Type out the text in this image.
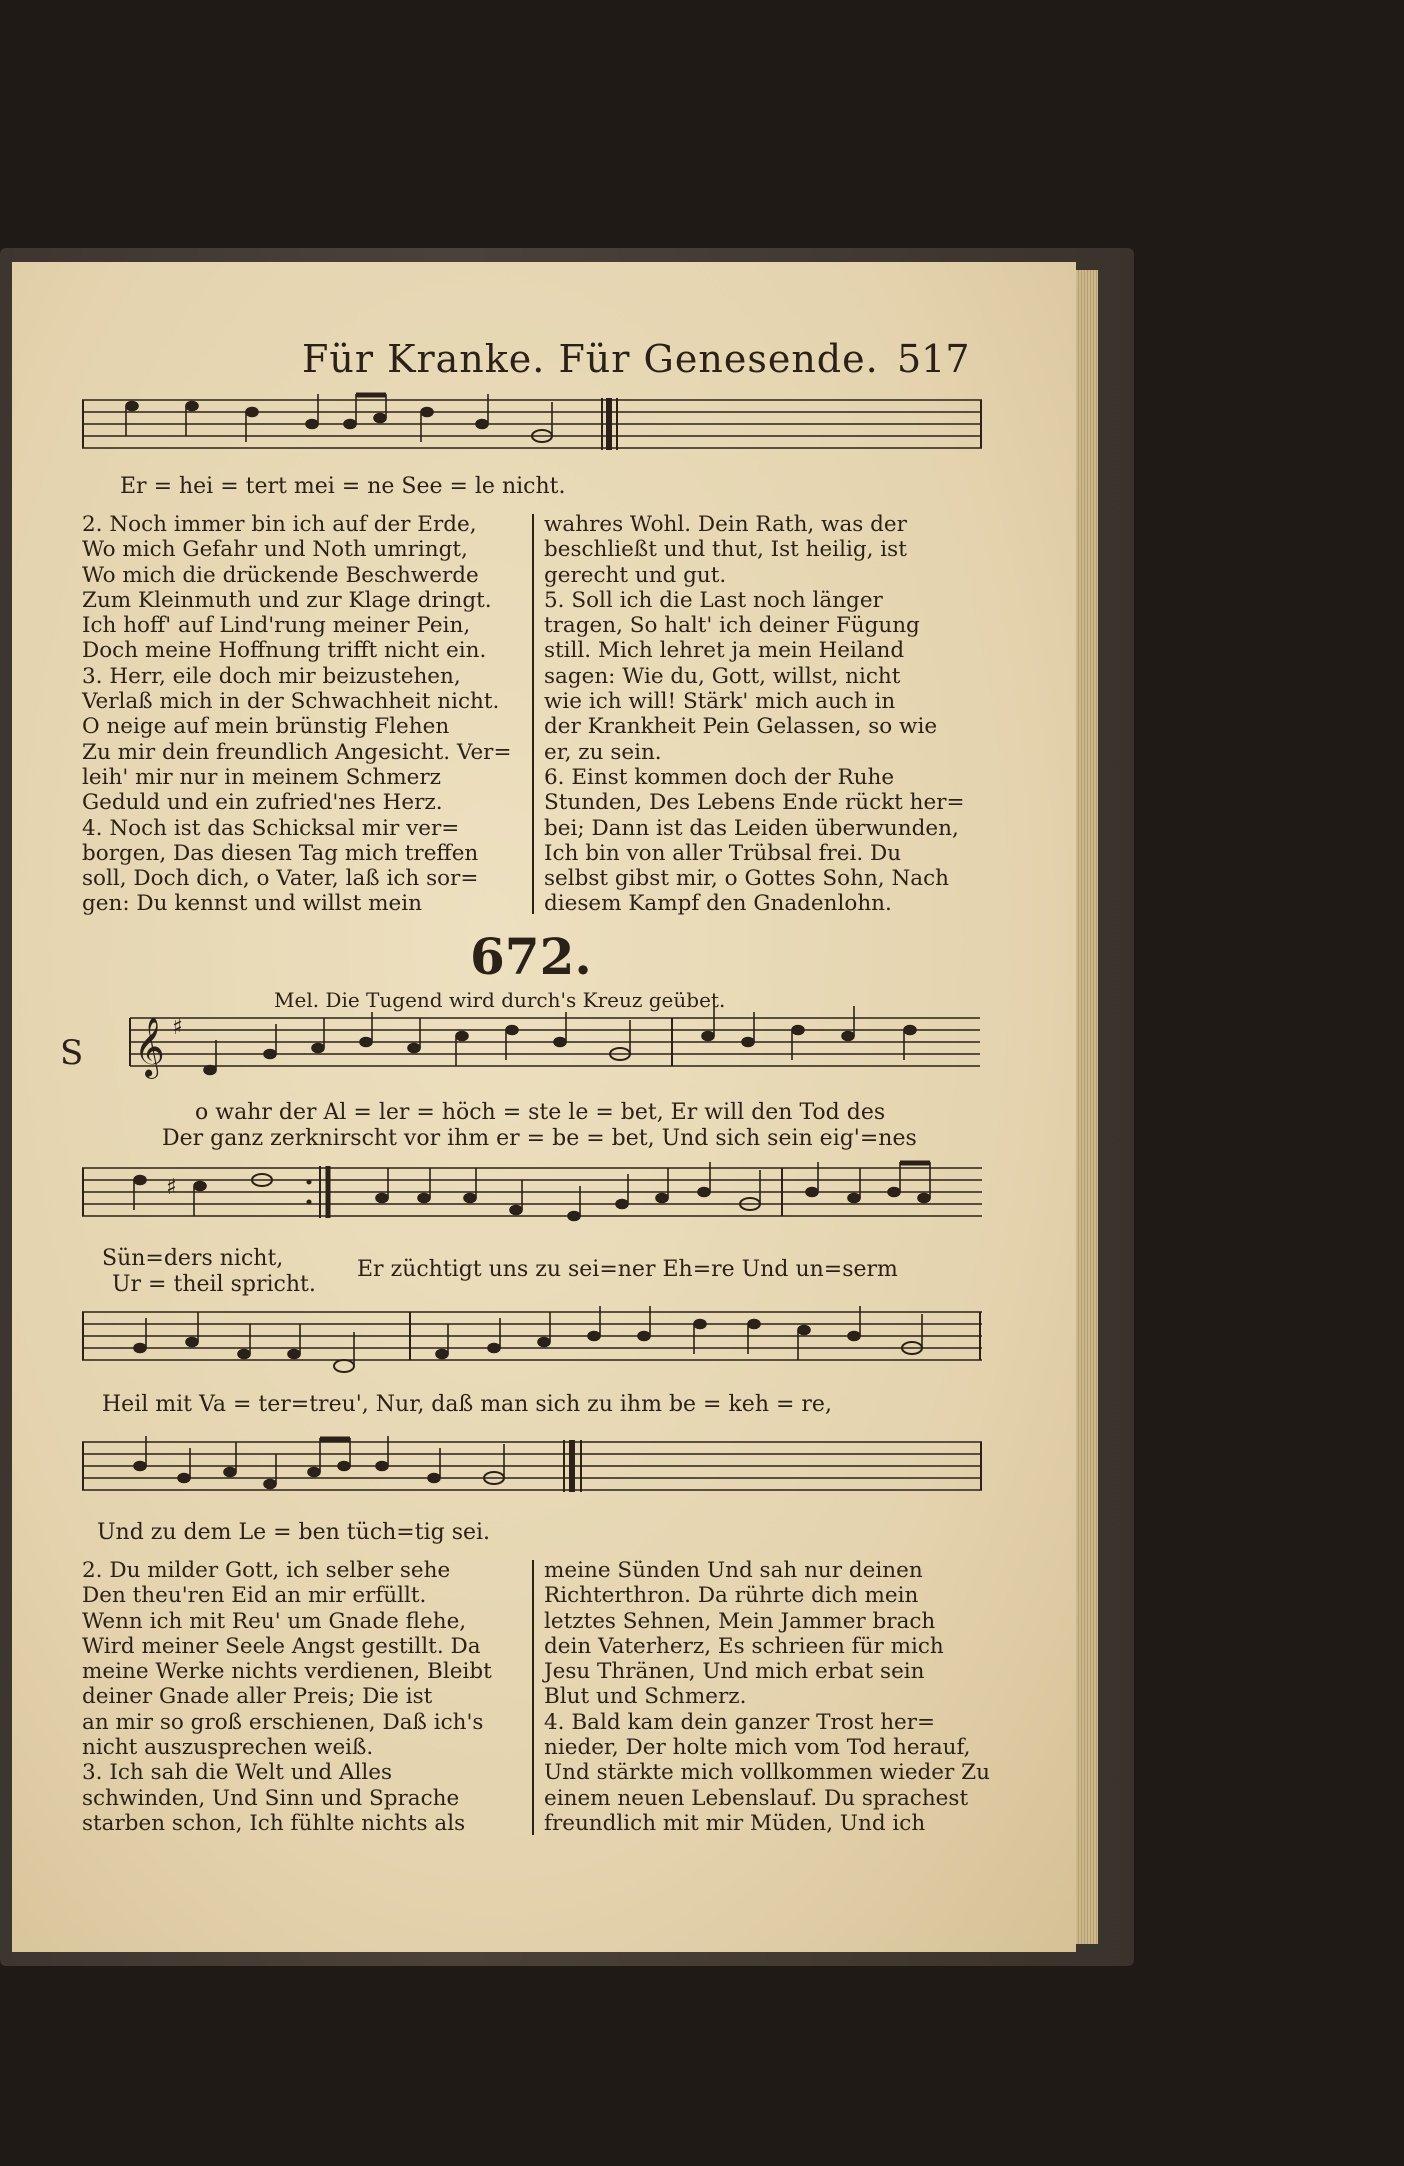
Für Kranke. Für Genesende. 517
Er = hei = tert mei = ne See = le nicht.

2. Noch immer bin ich auf der Erde,

Wo mich Gefahr und Noth umringt,

Wo mich die drückende Beschwerde

Zum Kleinmuth und zur Klage dringt.

Ich hoff' auf Lind'rung meiner Pein,

Doch meine Hoffnung trifft nicht ein.

3. Herr, eile doch mir beizustehen,

Verlaß mich in der Schwachheit nicht.

O neige auf mein brünstig Flehen

Zu mir dein freundlich Angesicht. Ver=

leih' mir nur in meinem Schmerz

Geduld und ein zufried'nes Herz.

4. Noch ist das Schicksal mir ver=

borgen, Das diesen Tag mich treffen

soll, Doch dich, o Vater, laß ich sor=

gen: Du kennst und willst mein

wahres Wohl. Dein Rath, was der

beschließt und thut, Ist heilig, ist

gerecht und gut.

5. Soll ich die Last noch länger

tragen, So halt' ich deiner Fügung

still. Mich lehret ja mein Heiland

sagen: Wie du, Gott, willst, nicht

wie ich will! Stärk' mich auch in

der Krankheit Pein Gelassen, so wie

er, zu sein.

6. Einst kommen doch der Ruhe

Stunden, Des Lebens Ende rückt her=

bei; Dann ist das Leiden überwunden,

Ich bin von aller Trübsal frei. Du

selbst gibst mir, o Gottes Sohn, Nach

diesem Kampf den Gnadenlohn.

672.
Mel. Die Tugend wird durch's Kreuz geübet.
S 𝄞 ♯
o wahr der Al = ler = höch = ste le = bet, Er will den Tod des
Der ganz zerknirscht vor ihm er = be = bet, Und sich sein eig'=nes
♯
Sün=ders nicht,
Ur = theil spricht.
Er züchtigt uns zu sei=ner Eh=re Und un=serm
Heil mit Va = ter=treu', Nur, daß man sich zu ihm be = keh = re,
Und zu dem Le = ben tüch=tig sei.

2. Du milder Gott, ich selber sehe

Den theu'ren Eid an mir erfüllt.

Wenn ich mit Reu' um Gnade flehe,

Wird meiner Seele Angst gestillt. Da

meine Werke nichts verdienen, Bleibt

deiner Gnade aller Preis; Die ist

an mir so groß erschienen, Daß ich's

nicht auszusprechen weiß.

3. Ich sah die Welt und Alles

schwinden, Und Sinn und Sprache

starben schon, Ich fühlte nichts als

meine Sünden Und sah nur deinen

Richterthron. Da rührte dich mein

letztes Sehnen, Mein Jammer brach

dein Vaterherz, Es schrieen für mich

Jesu Thränen, Und mich erbat sein

Blut und Schmerz.

4. Bald kam dein ganzer Trost her=

nieder, Der holte mich vom Tod herauf,

Und stärkte mich vollkommen wieder Zu

einem neuen Lebenslauf. Du sprachest

freundlich mit mir Müden, Und ich
